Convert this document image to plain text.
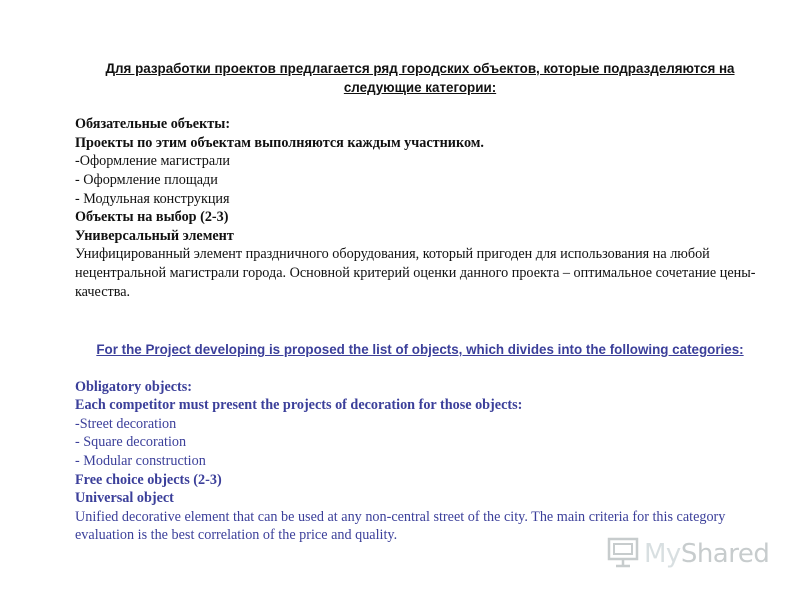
Для разработки проектов предлагается ряд городских объектов, которые подразделяются на следующие категории:

Обязательные объекты:

Проекты по этим объектам выполняются каждым участником.

-Оформление магистрали

- Оформление площади

- Модульная конструкция

Объекты на выбор (2-3)

Универсальный элемент

Унифицированный элемент праздничного оборудования, который пригоден для использования на любой нецентральной магистрали города. Основной критерий оценки данного проекта – оптимальное сочетание цены-качества.

For the Project developing is proposed the list of objects, which divides into the following categories:

Obligatory objects:

Each competitor must present the projects of decoration for those objects:

-Street decoration

- Square decoration

- Modular construction

Free choice objects (2-3)

Universal object

Unified decorative element that can be used at any non-central street of the city. The main criteria for this category evaluation is the best correlation of the price and quality.

MyShared
